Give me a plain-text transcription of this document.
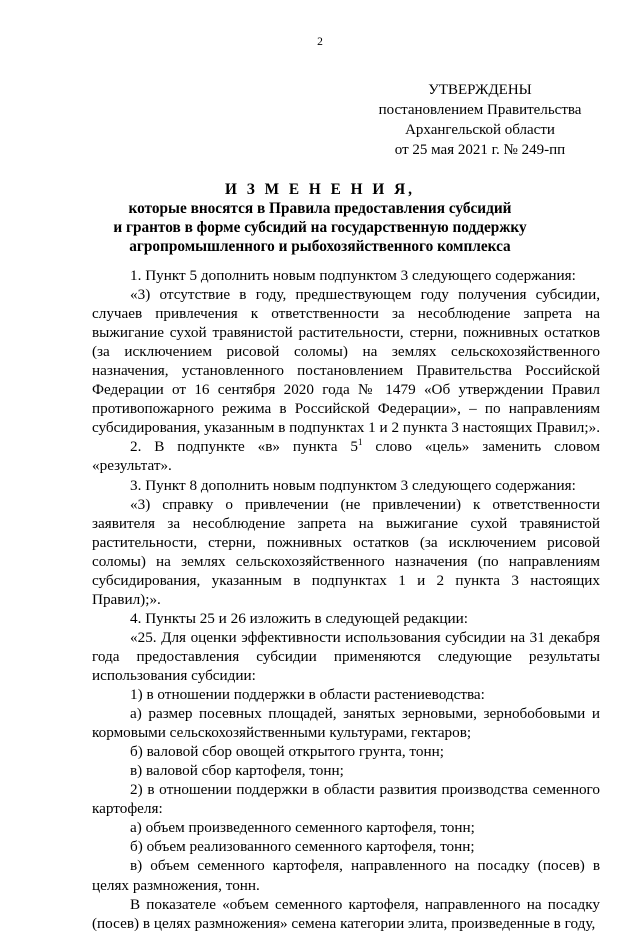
2
УТВЕРЖДЕНЫ
постановлением Правительства
Архангельской области
от 25 мая 2021 г. № 249-пп
И З М Е Н Е Н И Я,
которые вносятся в Правила предоставления субсидий
и грантов в форме субсидий на государственную поддержку
агропромышленного и рыбохозяйственного комплекса

1. Пункт 5 дополнить новым подпунктом 3 следующего содержания:

«3) отсутствие в году, предшествующем году получения субсидии, случаев привлечения к ответственности за несоблюдение запрета на выжигание сухой травянистой растительности, стерни, пожнивных остатков (за исключением рисовой соломы) на землях сельскохозяйственного назначения, установленного постановлением Правительства Российской Федерации от 16 сентября 2020 года № 1479 «Об утверждении Правил противопожарного режима в Российской Федерации», – по направлениям субсидирования, указанным в подпунктах 1 и 2 пункта 3 настоящих Правил;».

2. В подпункте «в» пункта $5^1$ слово «цель» заменить словом «результат».

3. Пункт 8 дополнить новым подпунктом 3 следующего содержания:

«3) справку о привлечении (не привлечении) к ответственности заявителя за несоблюдение запрета на выжигание сухой травянистой растительности, стерни, пожнивных остатков (за исключением рисовой соломы) на землях сельскохозяйственного назначения (по направлениям субсидирования, указанным в подпунктах 1 и 2 пункта 3 настоящих Правил);».

4. Пункты 25 и 26 изложить в следующей редакции:

«25. Для оценки эффективности использования субсидии на 31 декабря года предоставления субсидии применяются следующие результаты использования субсидии:

1) в отношении поддержки в области растениеводства:

а) размер посевных площадей, занятых зерновыми, зернобобовыми и кормовыми сельскохозяйственными культурами, гектаров;

б) валовой сбор овощей открытого грунта, тонн;

в) валовой сбор картофеля, тонн;

2) в отношении поддержки в области развития производства семенного картофеля:

а) объем произведенного семенного картофеля, тонн;

б) объем реализованного семенного картофеля, тонн;

в) объем семенного картофеля, направленного на посадку (посев) в целях размножения, тонн.

В показателе «объем семенного картофеля, направленного на посадку (посев) в целях размножения» семена категории элита, произведенные в году,
